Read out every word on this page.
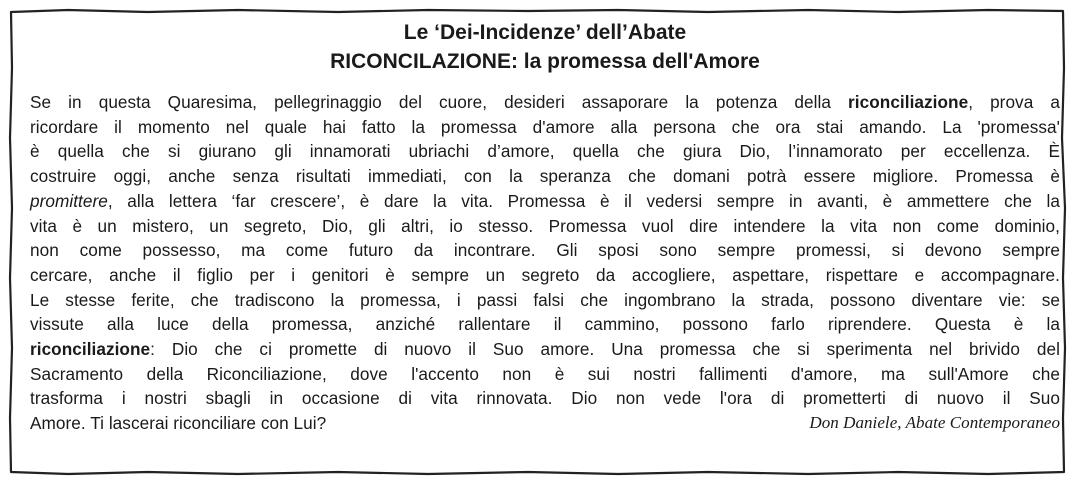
Le ‘Dei-Incidenze’ dell’Abate

RICONCILAZIONE: la promessa dell'Amore

Se in questa Quaresima, pellegrinaggio del cuore, desideri assaporare la potenza della riconciliazione, prova a
ricordare il momento nel quale hai fatto la promessa d'amore alla persona che ora stai amando. La 'promessa'
è quella che si giurano gli innamorati ubriachi d’amore, quella che giura Dio, l’innamorato per eccellenza. È
costruire oggi, anche senza risultati immediati, con la speranza che domani potrà essere migliore. Promessa è
promittere, alla lettera ‘far crescere’, è dare la vita. Promessa è il vedersi sempre in avanti, è ammettere che la
vita è un mistero, un segreto, Dio, gli altri, io stesso. Promessa vuol dire intendere la vita non come dominio,
non come possesso, ma come futuro da incontrare. Gli sposi sono sempre promessi, si devono sempre
cercare, anche il figlio per i genitori è sempre un segreto da accogliere, aspettare, rispettare e accompagnare.
Le stesse ferite, che tradiscono la promessa, i passi falsi che ingombrano la strada, possono diventare vie: se
vissute alla luce della promessa, anziché rallentare il cammino, possono farlo riprendere. Questa è la
riconciliazione: Dio che ci promette di nuovo il Suo amore. Una promessa che si sperimenta nel brivido del
Sacramento della Riconciliazione, dove l'accento non è sui nostri fallimenti d'amore, ma sull'Amore che
trasforma i nostri sbagli in occasione di vita rinnovata. Dio non vede l'ora di prometterti di nuovo il Suo
Amore. Ti lascerai riconciliare con Lui?	Don Daniele, Abate Contemporaneo
